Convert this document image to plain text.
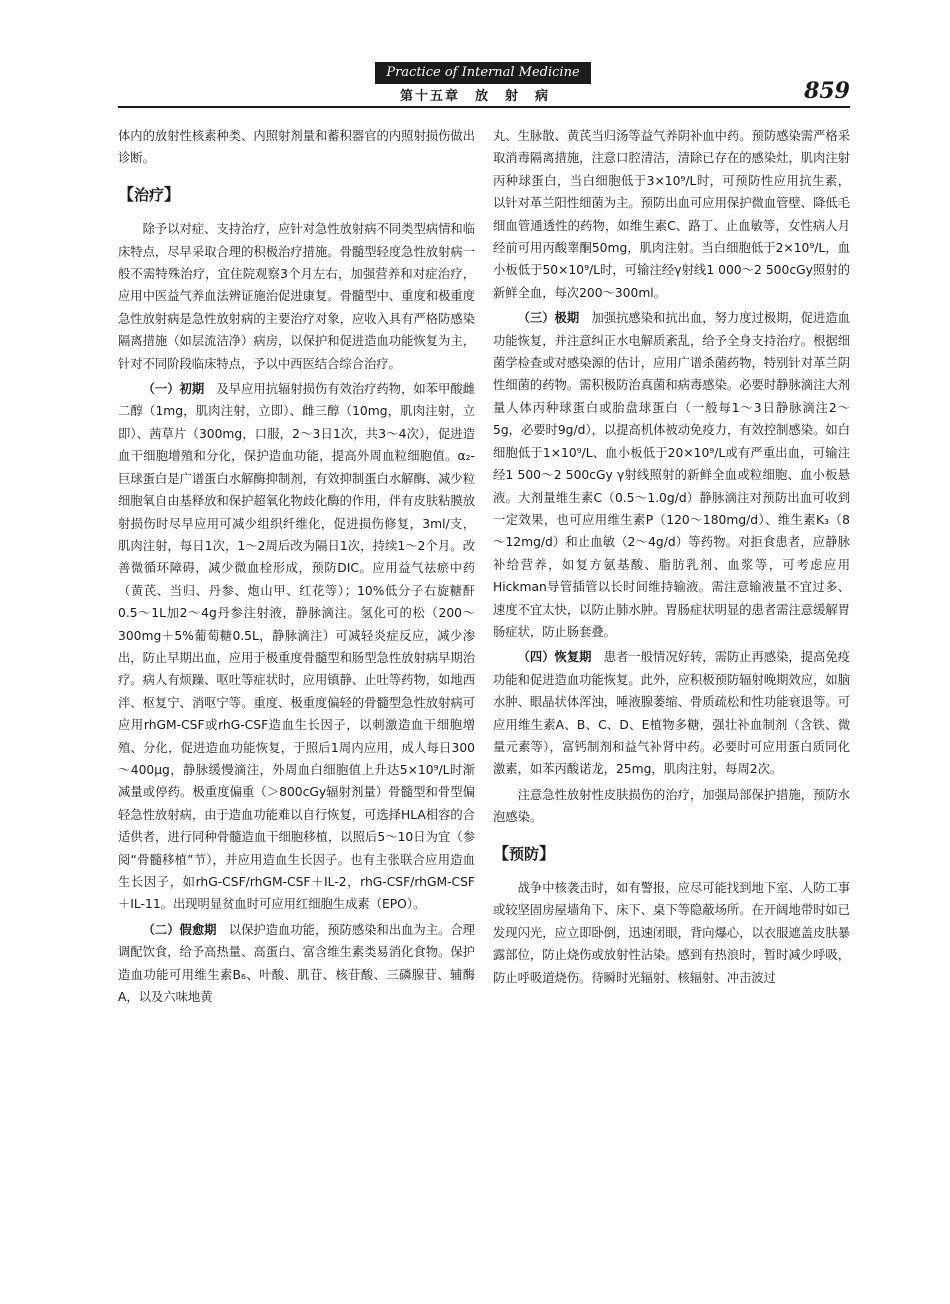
Practice of Internal Medicine
第十五章　放　射　病	859

体内的放射性核素种类、内照射剂量和蓄积器官的内照射损伤做出诊断。

【治疗】

除予以对症、支持治疗，应针对急性放射病不同类型病情和临床特点，尽早采取合理的积极治疗措施。骨髓型轻度急性放射病一般不需特殊治疗，宜住院观察3个月左右，加强营养和对症治疗，应用中医益气养血法辨证施治促进康复。骨髓型中、重度和极重度急性放射病是急性放射病的主要治疗对象，应收入具有严格防感染隔离措施（如层流洁净）病房，以保护和促进造血功能恢复为主，针对不同阶段临床特点，予以中西医结合综合治疗。

（一）初期　 及早应用抗辐射损伤有效治疗药物，如苯甲酸雌二醇（1mg，肌肉注射，立即）、雌三醇（10mg，肌肉注射，立即）、茜草片（300mg，口服，2～3日1次，共3～4次），促进造血干细胞增殖和分化，保护造血功能，提高外周血粒细胞值。α₂-巨球蛋白是广谱蛋白水解酶抑制剂，有效抑制蛋白水解酶、减少粒细胞氧自由基释放和保护超氧化物歧化酶的作用，伴有皮肤粘膜放射损伤时尽早应用可减少组织纤维化，促进损伤修复，3ml/支，肌肉注射，每日1次，1～2周后改为隔日1次，持续1～2个月。改善微循环障碍，减少微血栓形成，预防DIC。应用益气祛瘀中药（黄芪、当归、丹参、炮山甲、红花等）；10%低分子右旋糖酐0.5～1L加2～4g丹参注射液，静脉滴注。氢化可的松（200～300mg＋5%葡萄糖0.5L，静脉滴注）可减轻炎症反应，减少渗出，防止早期出血，应用于极重度骨髓型和肠型急性放射病早期治疗。病人有烦躁、呕吐等症状时，应用镇静、止吐等药物，如地西泮、枢复宁、消呕宁等。重度、极重度偏轻的骨髓型急性放射病可应用rhGM-CSF或rhG-CSF造血生长因子，以刺激造血干细胞增殖、分化，促进造血功能恢复，于照后1周内应用，成人每日300～400μg，静脉缓慢滴注，外周血白细胞值上升达5×10⁹/L时渐减量或停药。极重度偏重（＞800cGy辐射剂量）骨髓型和骨型偏轻急性放射病，由于造血功能难以自行恢复，可选择HLA相容的合适供者，进行同种骨髓造血干细胞移植，以照后5～10日为宜（参阅“骨髓移植”节），并应用造血生长因子。也有主张联合应用造血生长因子，如rhG-CSF/rhGM-CSF＋IL-2，rhG-CSF/rhGM-CSF＋IL-11。出现明显贫血时可应用红细胞生成素（EPO）。

（二）假愈期　 以保护造血功能，预防感染和出血为主。合理调配饮食，给予高热量、高蛋白、富含维生素类易消化食物。保护造血功能可用维生素B₆、叶酸、肌苷、核苷酸、三磷腺苷、辅酶A，以及六味地黄

丸、生脉散、黄芪当归汤等益气养阴补血中药。预防感染需严格采取消毒隔离措施，注意口腔清洁，清除已存在的感染灶，肌肉注射丙种球蛋白，当白细胞低于3×10⁹/L时，可预防性应用抗生素，以针对革兰阳性细菌为主。预防出血可应用保护微血管壁、降低毛细血管通透性的药物，如维生素C、路丁、止血敏等，女性病人月经前可用丙酸睾酮50mg，肌肉注射。当白细胞低于2×10⁹/L，血小板低于50×10⁹/L时，可输注经γ射线1 000～2 500cGy照射的新鲜全血，每次200～300ml。

（三）极期　 加强抗感染和抗出血，努力度过极期，促进造血功能恢复，并注意纠正水电解质紊乱，给予全身支持治疗。根据细菌学检查或对感染源的估计，应用广谱杀菌药物，特别针对革兰阴性细菌的药物。需积极防治真菌和病毒感染。必要时静脉滴注大剂量人体丙种球蛋白或胎盘球蛋白（一般每1～3日静脉滴注2～5g，必要时9g/d），以提高机体被动免疫力，有效控制感染。如白细胞低于1×10⁹/L、血小板低于20×10⁹/L或有严重出血，可输注经1 500～2 500cGy γ射线照射的新鲜全血或粒细胞、血小板悬液。大剂量维生素C（0.5～1.0g/d）静脉滴注对预防出血可收到一定效果，也可应用维生素P（120～180mg/d）、维生素K₃（8～12mg/d）和止血敏（2～4g/d）等药物。对拒食患者，应静脉补给营养，如复方氨基酸、脂肪乳剂、血浆等，可考虑应用Hickman导管插管以长时间维持输液。需注意输液量不宜过多、速度不宜太快，以防止肺水肿。胃肠症状明显的患者需注意缓解胃肠症状，防止肠套叠。

（四）恢复期　 患者一般情况好转，需防止再感染，提高免疫功能和促进造血功能恢复。此外，应积极预防辐射晚期效应，如脑水肿、眼晶状体浑浊，唾液腺萎缩、骨质疏松和性功能衰退等。可应用维生素A、B、C、D、E植物多糖，强壮补血制剂（含铁、微量元素等），富钙制剂和益气补肾中药。必要时可应用蛋白质同化激素，如苯丙酸诺龙，25mg，肌肉注射，每周2次。

注意急性放射性皮肤损伤的治疗，加强局部保护措施，预防水泡感染。

【预防】

战争中核袭击时，如有警报，应尽可能找到地下室、人防工事或较坚固房屋墙角下、床下、桌下等隐蔽场所。在开阔地带时如已发现闪光，应立即卧倒，迅速闭眼，背向爆心，以衣服遮盖皮肤暴露部位，防止烧伤或放射性沾染。感到有热浪时，暂时减少呼吸，防止呼吸道烧伤。待瞬时光辐射、核辐射、冲击波过
